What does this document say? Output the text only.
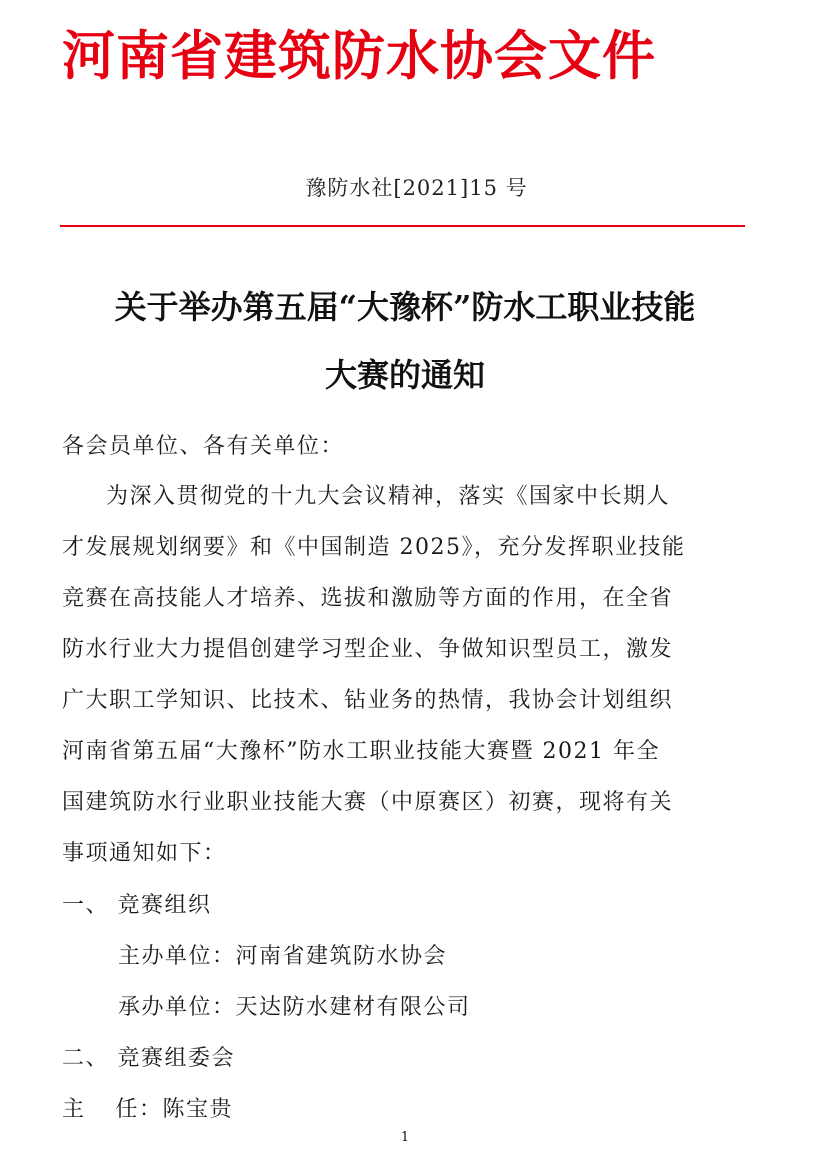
河南省建筑防水协会文件
豫防水社[2021]15 号
关于举办第五届“大豫杯”防水工职业技能
大赛的通知
各会员单位、各有关单位：
为深入贯彻党的十九大会议精神，落实《国家中长期人
才发展规划纲要》和《中国制造 2025》，充分发挥职业技能
竞赛在高技能人才培养、选拔和激励等方面的作用，在全省
防水行业大力提倡创建学习型企业、争做知识型员工，激发
广大职工学知识、比技术、钻业务的热情，我协会计划组织
河南省第五届“大豫杯”防水工职业技能大赛暨 2021 年全
国建筑防水行业职业技能大赛（中原赛区）初赛，现将有关
事项通知如下：
一、 竞赛组织
主办单位：河南省建筑防水协会
承办单位：天达防水建材有限公司
二、 竞赛组委会
主 任：陈宝贵
1
